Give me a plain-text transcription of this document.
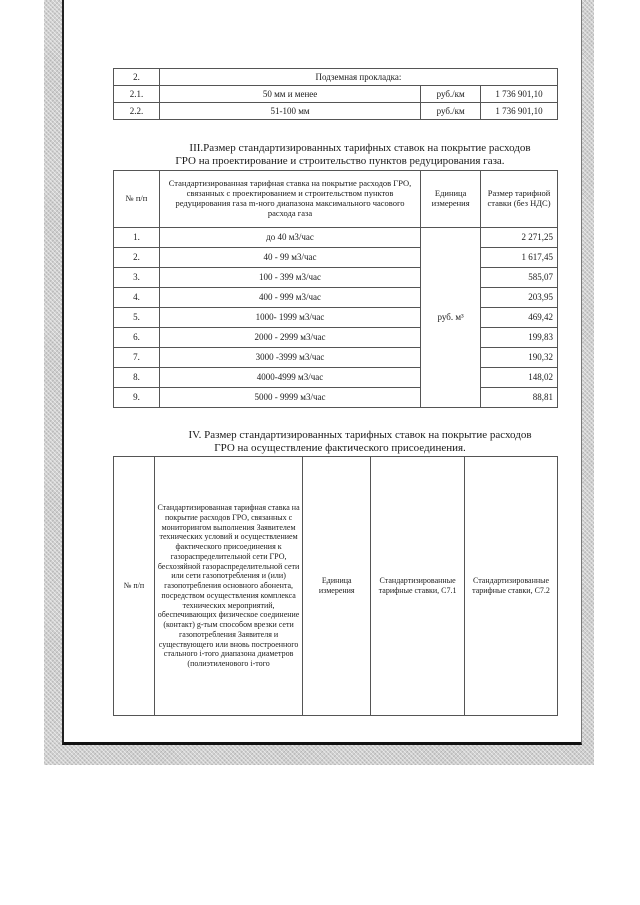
2.	Подземная прокладка:		
2.1.	50 мм и менее	руб./км	1 736 901,10
2.2.	51-100 мм	руб./км	1 736 901,10
III.Размер стандартизированных тарифных ставок на покрытие расходов
ГРО на проектирование и строительство пунктов редуцирования газа.
№ п/п	Стандартизированная тарифная ставка на покрытие расходов ГРО, связанных с проектированием и строительством пунктов редуцирования газа m-ного диапазона максимального часового расхода газа	Единица измерения	Размер тарифной ставки (без НДС)
1.	до 40 м3/час	руб. м³	2 271,25
2.	40 - 99 м3/час		1 617,45
3.	100 - 399 м3/час		585,07
4.	400 - 999 м3/час		203,95
5.	1000- 1999 м3/час		469,42
6.	2000 - 2999 м3/час		199,83
7.	3000 -3999 м3/час		190,32
8.	4000-4999 м3/час		148,02
9.	5000 - 9999 м3/час		88,81
IV. Размер стандартизированных тарифных ставок на покрытие расходов
ГРО на осуществление фактического присоединения.
№ п/п	Стандартизированная тарифная ставка на покрытие расходов ГРО, связанных с мониторингом выполнения Заявителем технических условий и осуществлением фактического присоединения к газораспределительной сети ГРО, бесхозяйной газораспределительной сети или сети газопотребления и (или) газопотребления основного абонента, посредством осуществления комплекса технических мероприятий, обеспечивающих физическое соединение (контакт) g-тым способом врезки сети газопотребления Заявителя и существующего или вновь построенного стального i-того диапазона диаметров (полиэтиленового i-того	Единица измерения	Стандартизированные тарифные ставки, С7.1	Стандартизированные тарифные ставки, С7.2
